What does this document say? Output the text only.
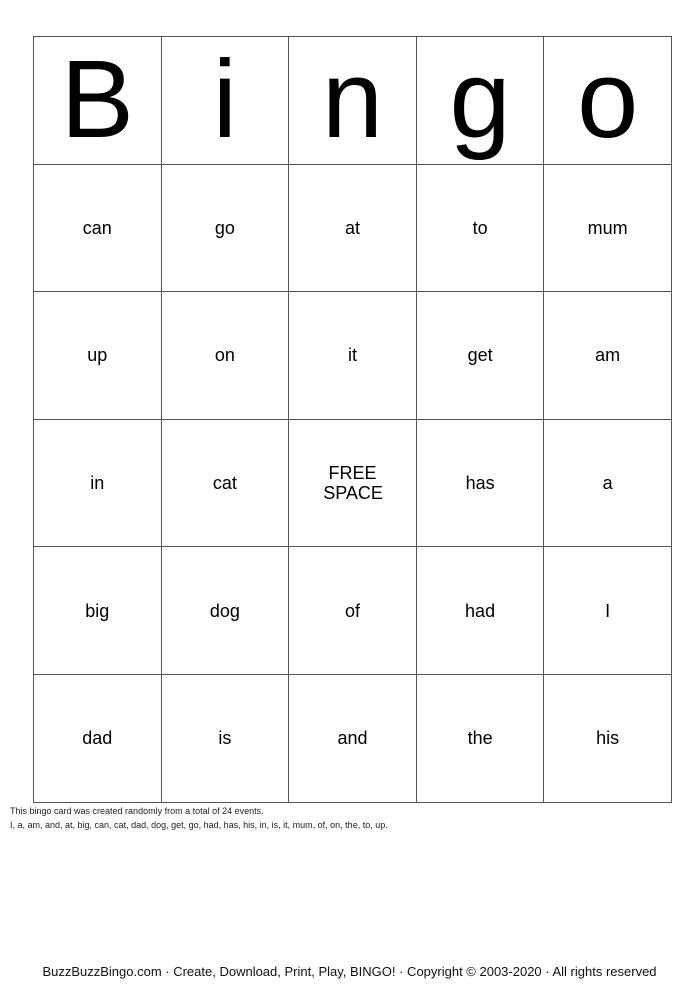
B	i	n	g	o
can	go	at	to	mum
up	on	it	get	am
in	cat	FREE SPACE	has	a
big	dog	of	had	I
dad	is	and	the	his
This bingo card was created randomly from a total of 24 events.
I, a, am, and, at, big, can, cat, dad, dog, get, go, had, has, his, in, is, it, mum, of, on, the, to, up.
BuzzBuzzBingo.com · Create, Download, Print, Play, BINGO! · Copyright © 2003-2020 · All rights reserved
